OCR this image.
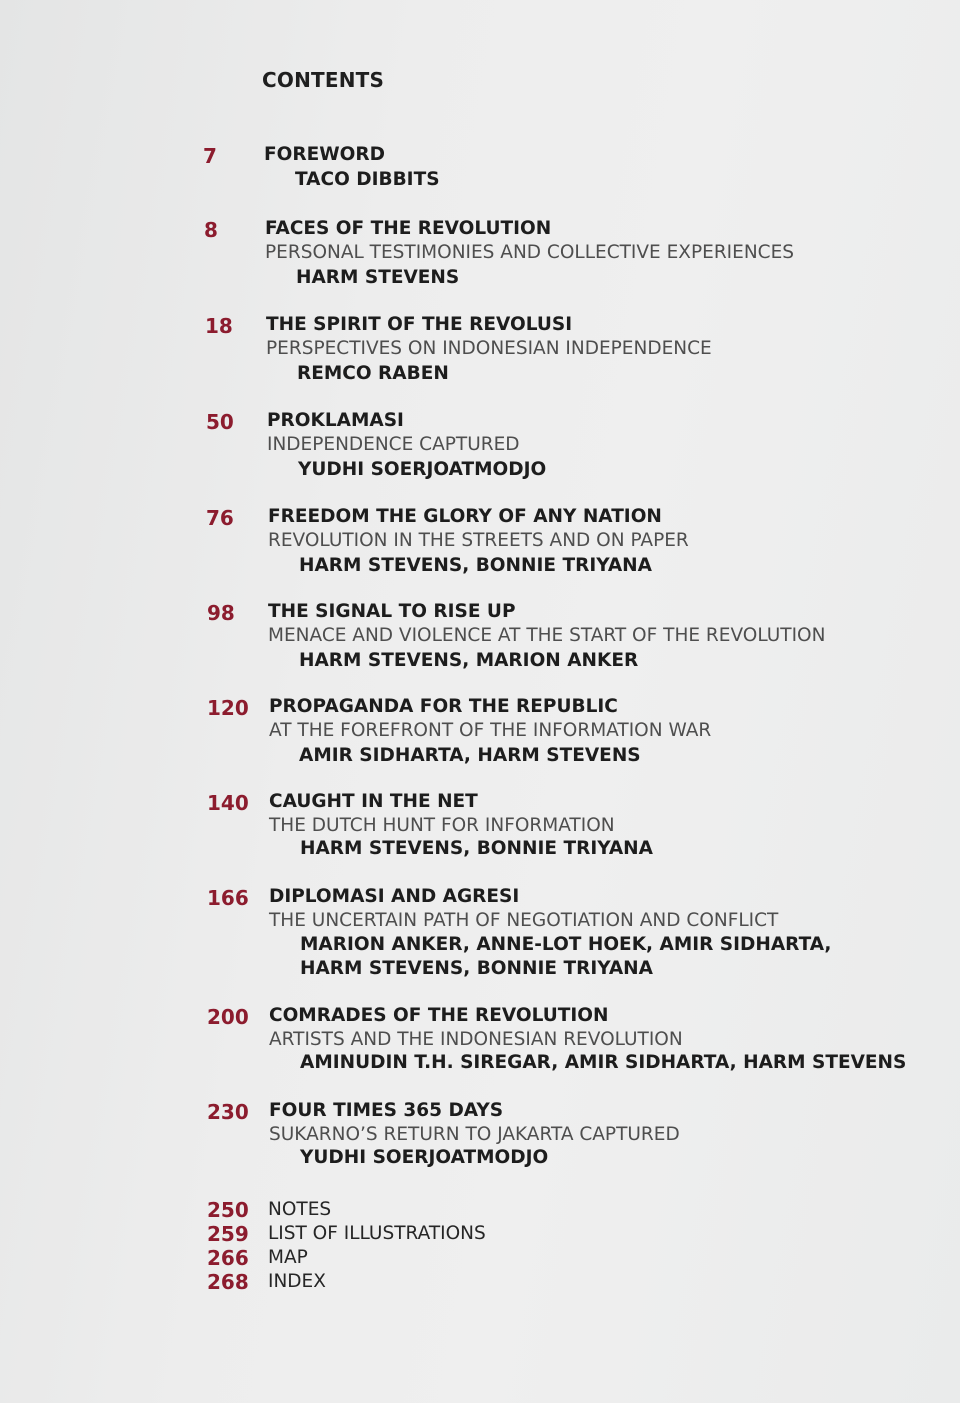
CONTENTS
7	FOREWORD
TACO DIBBITS
8	FACES OF THE REVOLUTION
PERSONAL TESTIMONIES AND COLLECTIVE EXPERIENCES
HARM STEVENS
18 THE SPIRIT OF THE REVOLUSI
PERSPECTIVES ON INDONESIAN INDEPENDENCE
REMCO RABEN
50 PROKLAMASI
INDEPENDENCE CAPTURED
YUDHI SOERJOATMODJO
76 FREEDOM THE GLORY OF ANY NATION
REVOLUTION IN THE STREETS AND ON PAPER
HARM STEVENS, BONNIE TRIYANA
98 THE SIGNAL TO RISE UP
MENACE AND VIOLENCE AT THE START OF THE REVOLUTION
HARM STEVENS, MARION ANKER
120 PROPAGANDA FOR THE REPUBLIC
AT THE FOREFRONT OF THE INFORMATION WAR
AMIR SIDHARTA, HARM STEVENS
140 CAUGHT IN THE NET
THE DUTCH HUNT FOR INFORMATION
HARM STEVENS, BONNIE TRIYANA
166 DIPLOMASI AND AGRESI
THE UNCERTAIN PATH OF NEGOTIATION AND CONFLICT
MARION ANKER, ANNE-LOT HOEK, AMIR SIDHARTA,
HARM STEVENS, BONNIE TRIYANA
200 COMRADES OF THE REVOLUTION
ARTISTS AND THE INDONESIAN REVOLUTION
AMINUDIN T.H. SIREGAR, AMIR SIDHARTA, HARM STEVENS
230 FOUR TIMES 365 DAYS
SUKARNO’S RETURN TO JAKARTA CAPTURED
YUDHI SOERJOATMODJO
250 NOTES
259 LIST OF ILLUSTRATIONS
266 MAP
268 INDEX
